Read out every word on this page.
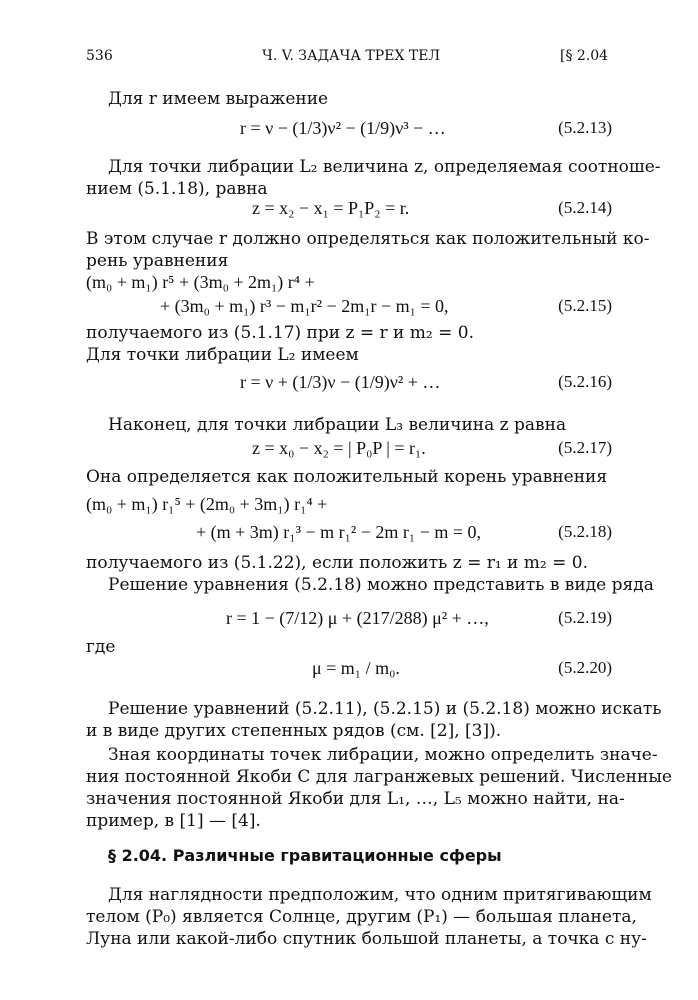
536	Ч. V. ЗАДАЧА ТРЕХ ТЕЛ	[§ 2.04
Для r имеем выражение
r = ν − (1/3)ν² − (1/9)ν³ − …	(5.2.13)
Для точки либрации L₂ величина z, определяемая соотноше-
нием (5.1.18), равна
z = x₂ − x₁ = P₁P₂ = r.	(5.2.14)
В этом случае r должно определяться как положительный ко-
рень уравнения
(m₀ + m₁) r⁵ + (3m₀ + 2m₁) r⁴ +
+ (3m₀ + m₁) r³ − m₁r² − 2m₁r − m₁ = 0,	(5.2.15)
получаемого из (5.1.17) при z = r и m₂ = 0.
Для точки либрации L₂ имеем
r = ν + (1/3)ν − (1/9)ν² + …	(5.2.16)
Наконец, для точки либрации L₃ величина z равна
z = x₀ − x₂ = | P₀P | = r₁.	(5.2.17)
Она определяется как положительный корень уравнения
(m₀ + m₁) r₁⁵ + (2m₀ + 3m₁) r₁⁴ +
+ (m + 3m) r₁³ − m r₁² − 2m r₁ − m = 0,	(5.2.18)
получаемого из (5.1.22), если положить z = r₁ и m₂ = 0.
Решение уравнения (5.2.18) можно представить в виде ряда
r = 1 − (7/12) μ + (217/288) μ² + …,	(5.2.19)
где
μ = m₁ / m₀.	(5.2.20)
Решение уравнений (5.2.11), (5.2.15) и (5.2.18) можно искать
и в виде других степенных рядов (см. [2], [3]).
Зная координаты точек либрации, можно определить значе-
ния постоянной Якоби C для лагранжевых решений. Численные
значения постоянной Якоби для L₁, …, L₅ можно найти, на-
пример, в [1] — [4].
§ 2.04. Различные гравитационные сферы
Для наглядности предположим, что одним притягивающим
телом (P₀) является Солнце, другим (P₁) — большая планета,
Луна или какой-либо спутник большой планеты, а точка с ну-
